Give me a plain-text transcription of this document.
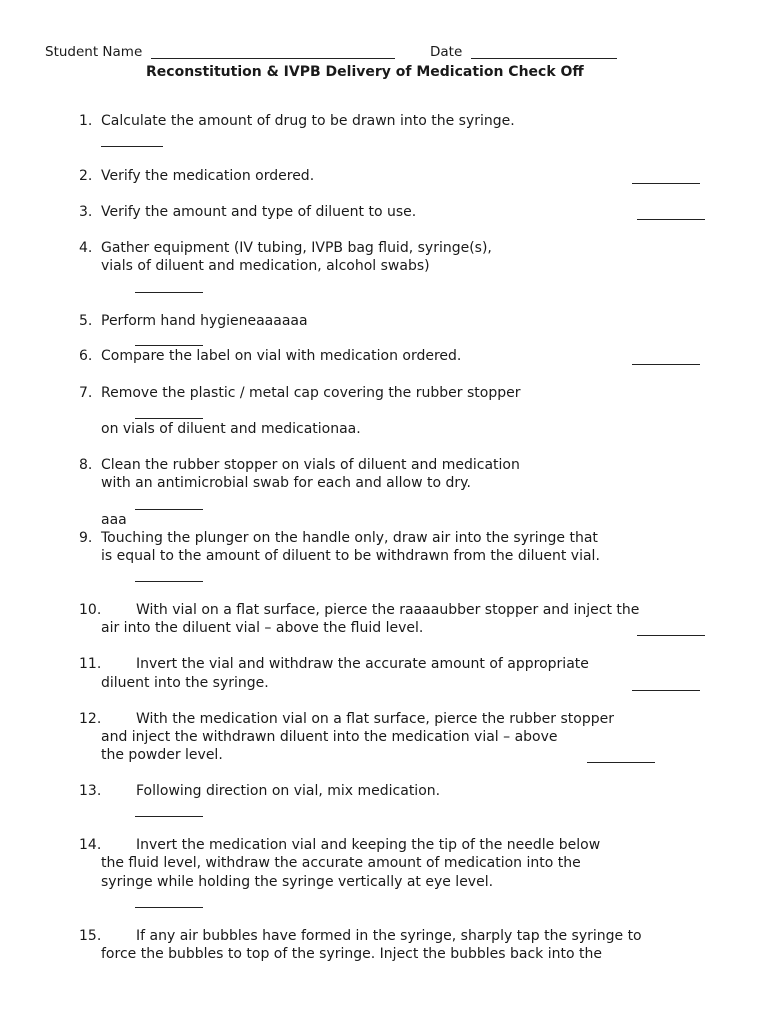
Student Name	Date
Reconstitution & IVPB Delivery of Medication Check Off
1. Calculate the amount of drug to be drawn into the syringe.
2. Verify the medication ordered.
3. Verify the amount and type of diluent to use.
4. Gather equipment (IV tubing, IVPB bag fluid, syringe(s),
vials of diluent and medication, alcohol swabs)
5. Perform hand hygieneaaaaaa
6. Compare the label on vial with medication ordered.
7. Remove the plastic / metal cap covering the rubber stopper
on vials of diluent and medicationaa.
8. Clean the rubber stopper on vials of diluent and medication
with an antimicrobial swab for each and allow to dry.
aaa
9. Touching the plunger on the handle only, draw air into the syringe that
is equal to the amount of diluent to be withdrawn from the diluent vial.
10. With vial on a flat surface, pierce the raaaaubber stopper and inject the
air into the diluent vial – above the fluid level.
11. Invert the vial and withdraw the accurate amount of appropriate
diluent into the syringe.
12. With the medication vial on a flat surface, pierce the rubber stopper
and inject the withdrawn diluent into the medication vial – above
the powder level.
13. Following direction on vial, mix medication.
14. Invert the medication vial and keeping the tip of the needle below
the fluid level, withdraw the accurate amount of medication into the
syringe while holding the syringe vertically at eye level.
15. If any air bubbles have formed in the syringe, sharply tap the syringe to
force the bubbles to top of the syringe. Inject the bubbles back into the
